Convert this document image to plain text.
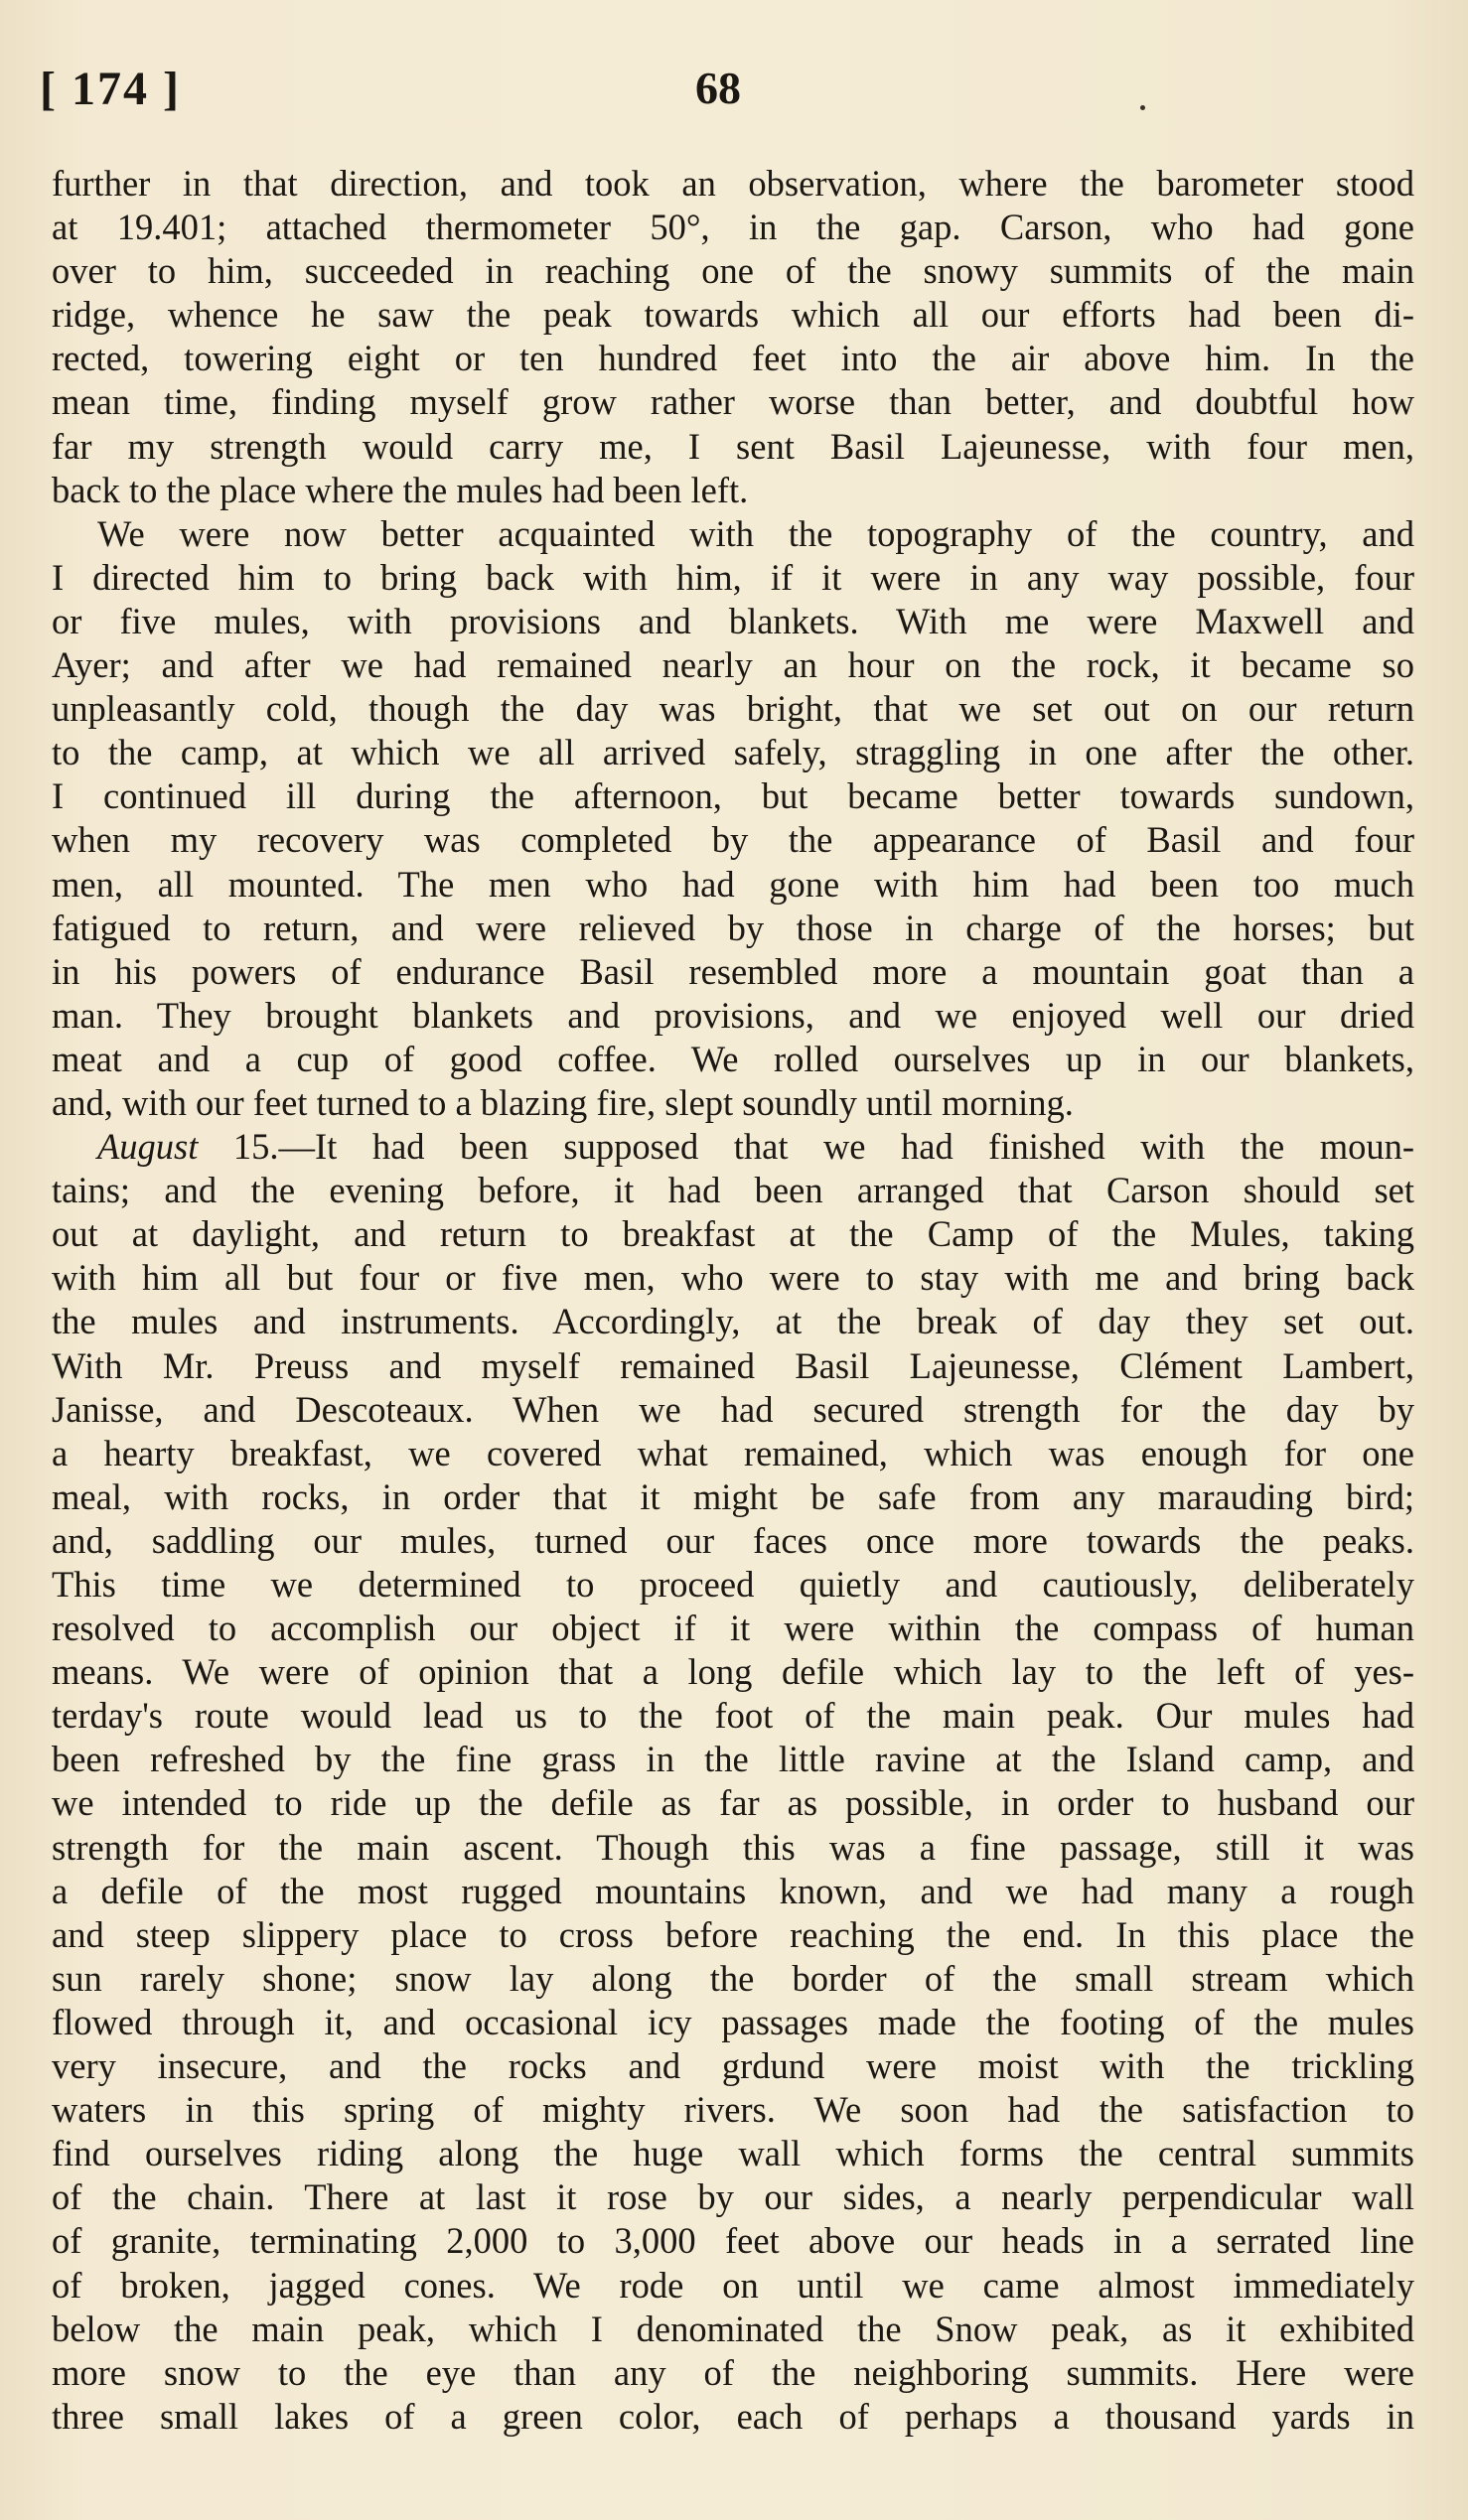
[ 174 ]	68
further in that direction, and took an observation, where the barometer stood
at 19.401; attached thermometer 50°, in the gap. Carson, who had gone
over to him, succeeded in reaching one of the snowy summits of the main
ridge, whence he saw the peak towards which all our efforts had been di-
rected, towering eight or ten hundred feet into the air above him. In the
mean time, finding myself grow rather worse than better, and doubtful how
far my strength would carry me, I sent Basil Lajeunesse, with four men,
back to the place where the mules had been left.
We were now better acquainted with the topography of the country, and
I directed him to bring back with him, if it were in any way possible, four
or five mules, with provisions and blankets. With me were Maxwell and
Ayer; and after we had remained nearly an hour on the rock, it became so
unpleasantly cold, though the day was bright, that we set out on our return
to the camp, at which we all arrived safely, straggling in one after the other.
I continued ill during the afternoon, but became better towards sundown,
when my recovery was completed by the appearance of Basil and four
men, all mounted. The men who had gone with him had been too much
fatigued to return, and were relieved by those in charge of the horses; but
in his powers of endurance Basil resembled more a mountain goat than a
man. They brought blankets and provisions, and we enjoyed well our dried
meat and a cup of good coffee. We rolled ourselves up in our blankets,
and, with our feet turned to a blazing fire, slept soundly until morning.
August 15.—It had been supposed that we had finished with the moun-
tains; and the evening before, it had been arranged that Carson should set
out at daylight, and return to breakfast at the Camp of the Mules, taking
with him all but four or five men, who were to stay with me and bring back
the mules and instruments. Accordingly, at the break of day they set out.
With Mr. Preuss and myself remained Basil Lajeunesse, Clément Lambert,
Janisse, and Descoteaux. When we had secured strength for the day by
a hearty breakfast, we covered what remained, which was enough for one
meal, with rocks, in order that it might be safe from any marauding bird;
and, saddling our mules, turned our faces once more towards the peaks.
This time we determined to proceed quietly and cautiously, deliberately
resolved to accomplish our object if it were within the compass of human
means. We were of opinion that a long defile which lay to the left of yes-
terday's route would lead us to the foot of the main peak. Our mules had
been refreshed by the fine grass in the little ravine at the Island camp, and
we intended to ride up the defile as far as possible, in order to husband our
strength for the main ascent. Though this was a fine passage, still it was
a defile of the most rugged mountains known, and we had many a rough
and steep slippery place to cross before reaching the end. In this place the
sun rarely shone; snow lay along the border of the small stream which
flowed through it, and occasional icy passages made the footing of the mules
very insecure, and the rocks and grdund were moist with the trickling
waters in this spring of mighty rivers. We soon had the satisfaction to
find ourselves riding along the huge wall which forms the central summits
of the chain. There at last it rose by our sides, a nearly perpendicular wall
of granite, terminating 2,000 to 3,000 feet above our heads in a serrated line
of broken, jagged cones. We rode on until we came almost immediately
below the main peak, which I denominated the Snow peak, as it exhibited
more snow to the eye than any of the neighboring summits. Here were
three small lakes of a green color, each of perhaps a thousand yards in
